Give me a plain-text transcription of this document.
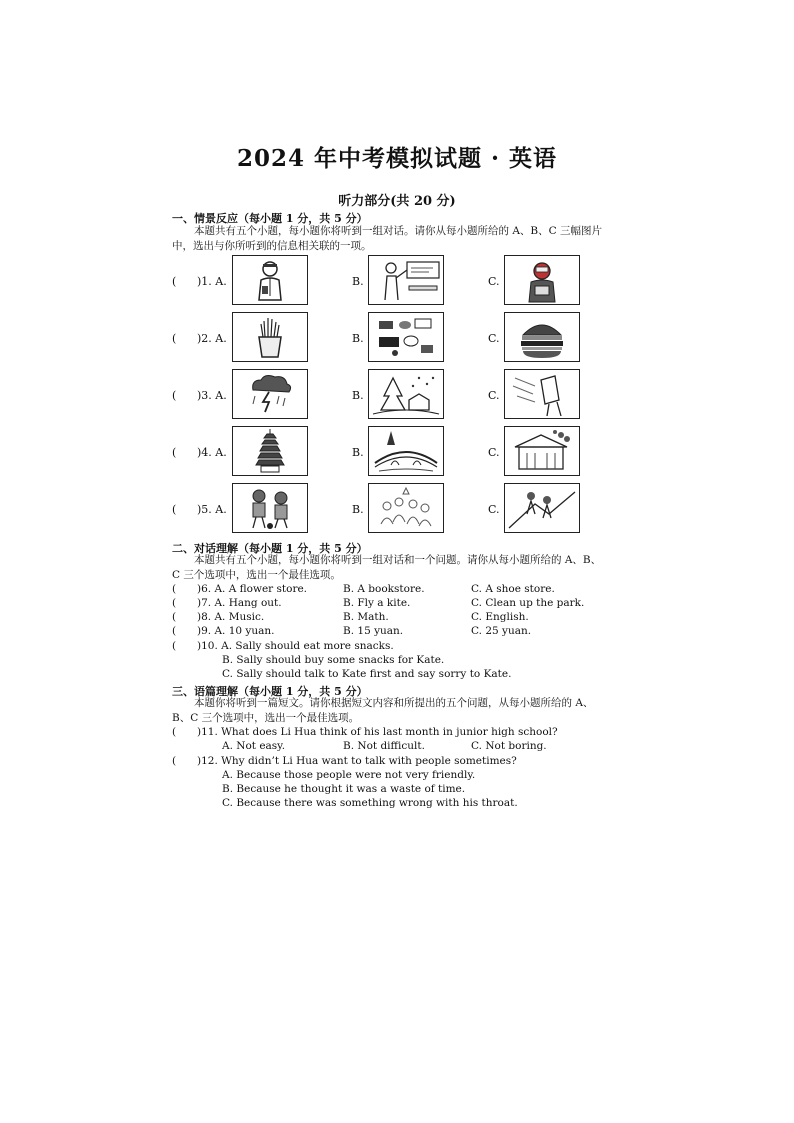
2024 年中考模拟试题 · 英语
听力部分(共 20 分)
一、情景反应（每小题 1 分，共 5 分）
本题共有五个小题，每小题你将听到一组对话。请你从每小题所给的 A、B、C 三幅图片中，选出与你所听到的信息相关联的一项。
( )1. A.	B.	C.
( )2. A.	B.	C.
( )3. A.	B.	C.
( )4. A.	B.	C.
( )5. A.	B.	C.
二、对话理解（每小题 1 分，共 5 分）
本题共有五个小题，每小题你将听到一组对话和一个问题。请你从每小题所给的 A、B、C 三个选项中，选出一个最佳选项。
( )6. A. A flower store.	B. A bookstore.	C. A shoe store.
( )7. A. Hang out.	B. Fly a kite.	C. Clean up the park.
( )8. A. Music.	B. Math.	C. English.
( )9. A. 10 yuan.	B. 15 yuan.	C. 25 yuan.
( )10. A. Sally should eat more snacks.
B. Sally should buy some snacks for Kate.
C. Sally should talk to Kate first and say sorry to Kate.
三、语篇理解（每小题 1 分，共 5 分）
本题你将听到一篇短文。请你根据短文内容和所提出的五个问题，从每小题所给的 A、B、C 三个选项中，选出一个最佳选项。
( )11. What does Li Hua think of his last month in junior high school?
A. Not easy.	B. Not difficult.	C. Not boring.
( )12. Why didn’t Li Hua want to talk with people sometimes?
A. Because those people were not very friendly.
B. Because he thought it was a waste of time.
C. Because there was something wrong with his throat.
